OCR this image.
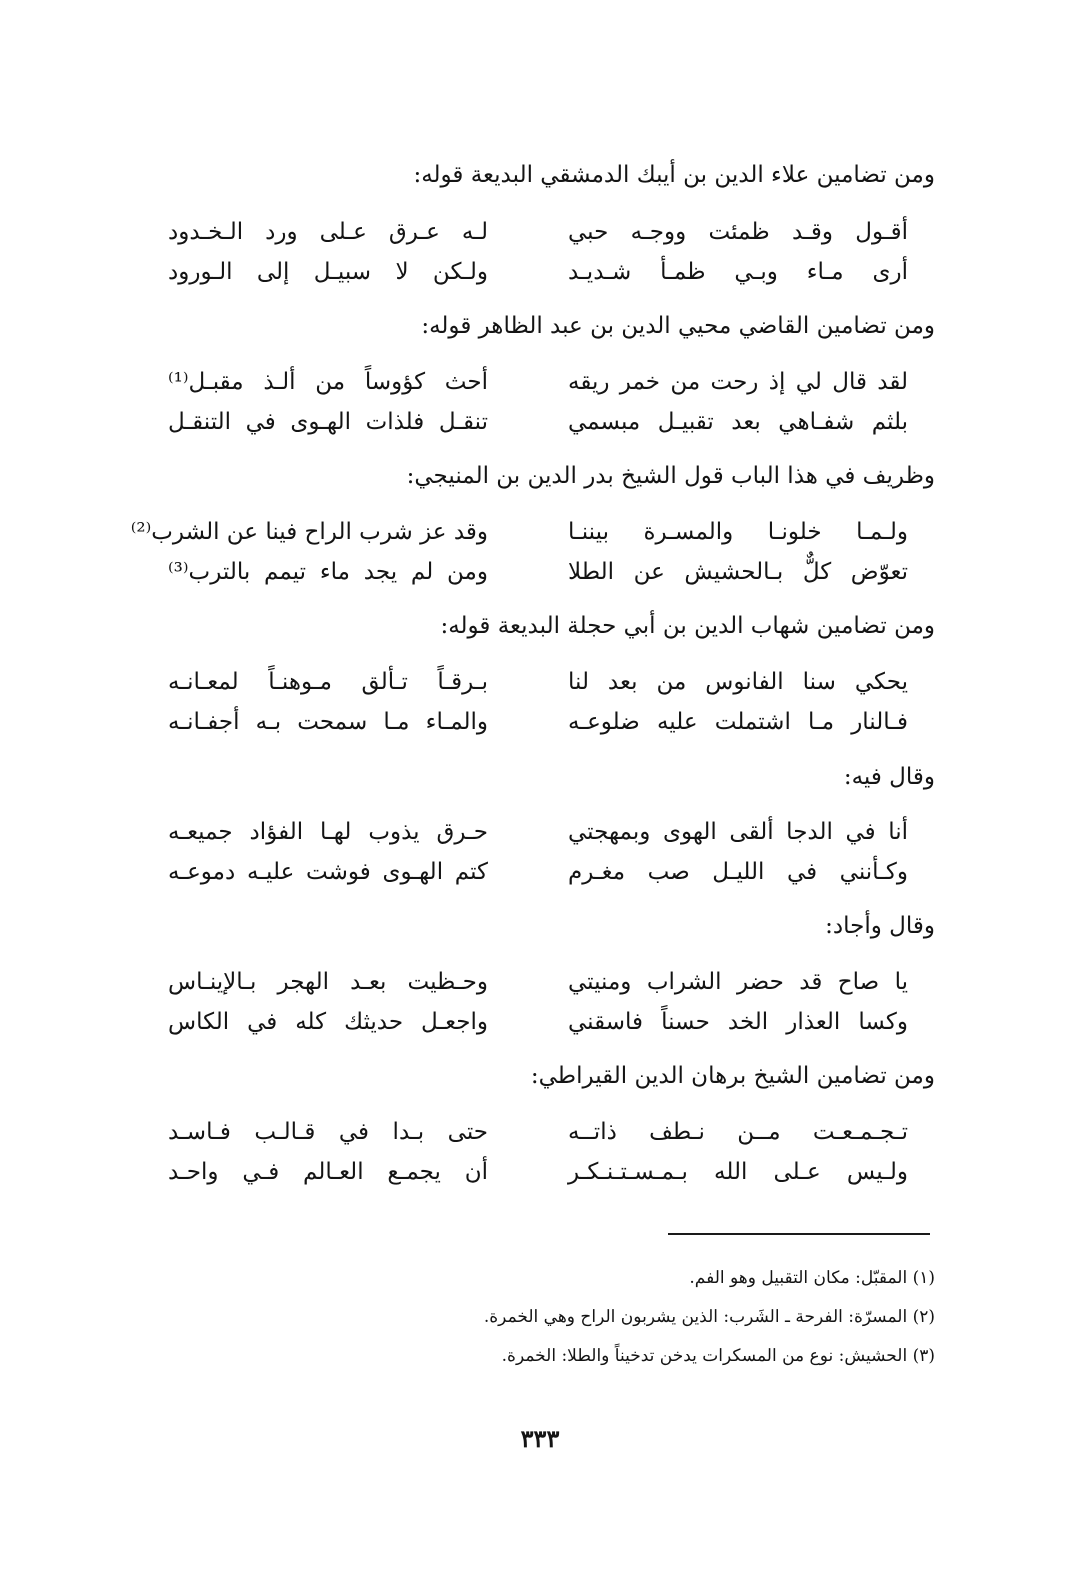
ومن تضامين علاء الدين بن أيبك الدمشقي البديعة قوله:
أقـول وقـد ظمئت ووجـه حبي
لـه عـرق عـلى ورد الـخـدود
أرى مـاء وبـي ظمـأ شـديـد
ولـكن لا سبيـل إلى الـورود
ومن تضامين القاضي محيي الدين بن عبد الظاهر قوله:
لقد قال لي إذ رحت من خمر ريقه
أحث كؤوساً من ألـذ مقبـل⁽¹⁾
بلثم شفـاهي بعد تقبيـل مبسمي
تنقـل فلذات الهـوى في التنقـل
وظريف في هذا الباب قول الشيخ بدر الدين بن المنيجي:
ولـمـا خلونـا والمسـرة بيننـا
وقد عز شرب الراح فينا عن الشرب⁽²⁾
تعوّض كلٌّ بـالحشيش عن الطلا
ومن لم يجد ماء تيمم بالترب⁽³⁾
ومن تضامين شهاب الدين بن أبي حجلة البديعة قوله:
يحكي سنا الفانوس من بعد لنا
بـرقـاً تـألق مـوهنـاً لمعـانـه
فـالنار مـا اشتملت عليه ضلوعـه
والمـاء مـا سمحت بـه أجفـانـه
وقال فيه:
أنا في الدجا ألقى الهوى وبمهجتي
حـرق يذوب لهـا الفؤاد جميعـه
وكـأنني في الليـل صب مغـرم
كتم الهـوى فوشت عليـه دموعـه
وقال وأجاد:
يا صاح قد حضر الشراب ومنيتي
وحـظيت بعـد الهجر بـالإينـاس
وكسا العذار الخد حسناً فاسقني
واجعـل حديثك كله في الكاس
ومن تضامين الشيخ برهان الدين القيراطي:
تـجـمـعـت مــن نـطف ذاتــه
حتى بـدا في قـالـب فـاسـد
ولـيس عـلى الله بـمـسـتـنـكـر
أن يجمـع العـالم فـي واحـد
(١) المقبّل: مكان التقبيل وهو الفم.
(٢) المسرّة: الفرحة ـ الشَرب: الذين يشربون الراح وهي الخمرة.
(٣) الحشيش: نوع من المسكرات يدخن تدخيناً والطلا: الخمرة.
٣٣٣
